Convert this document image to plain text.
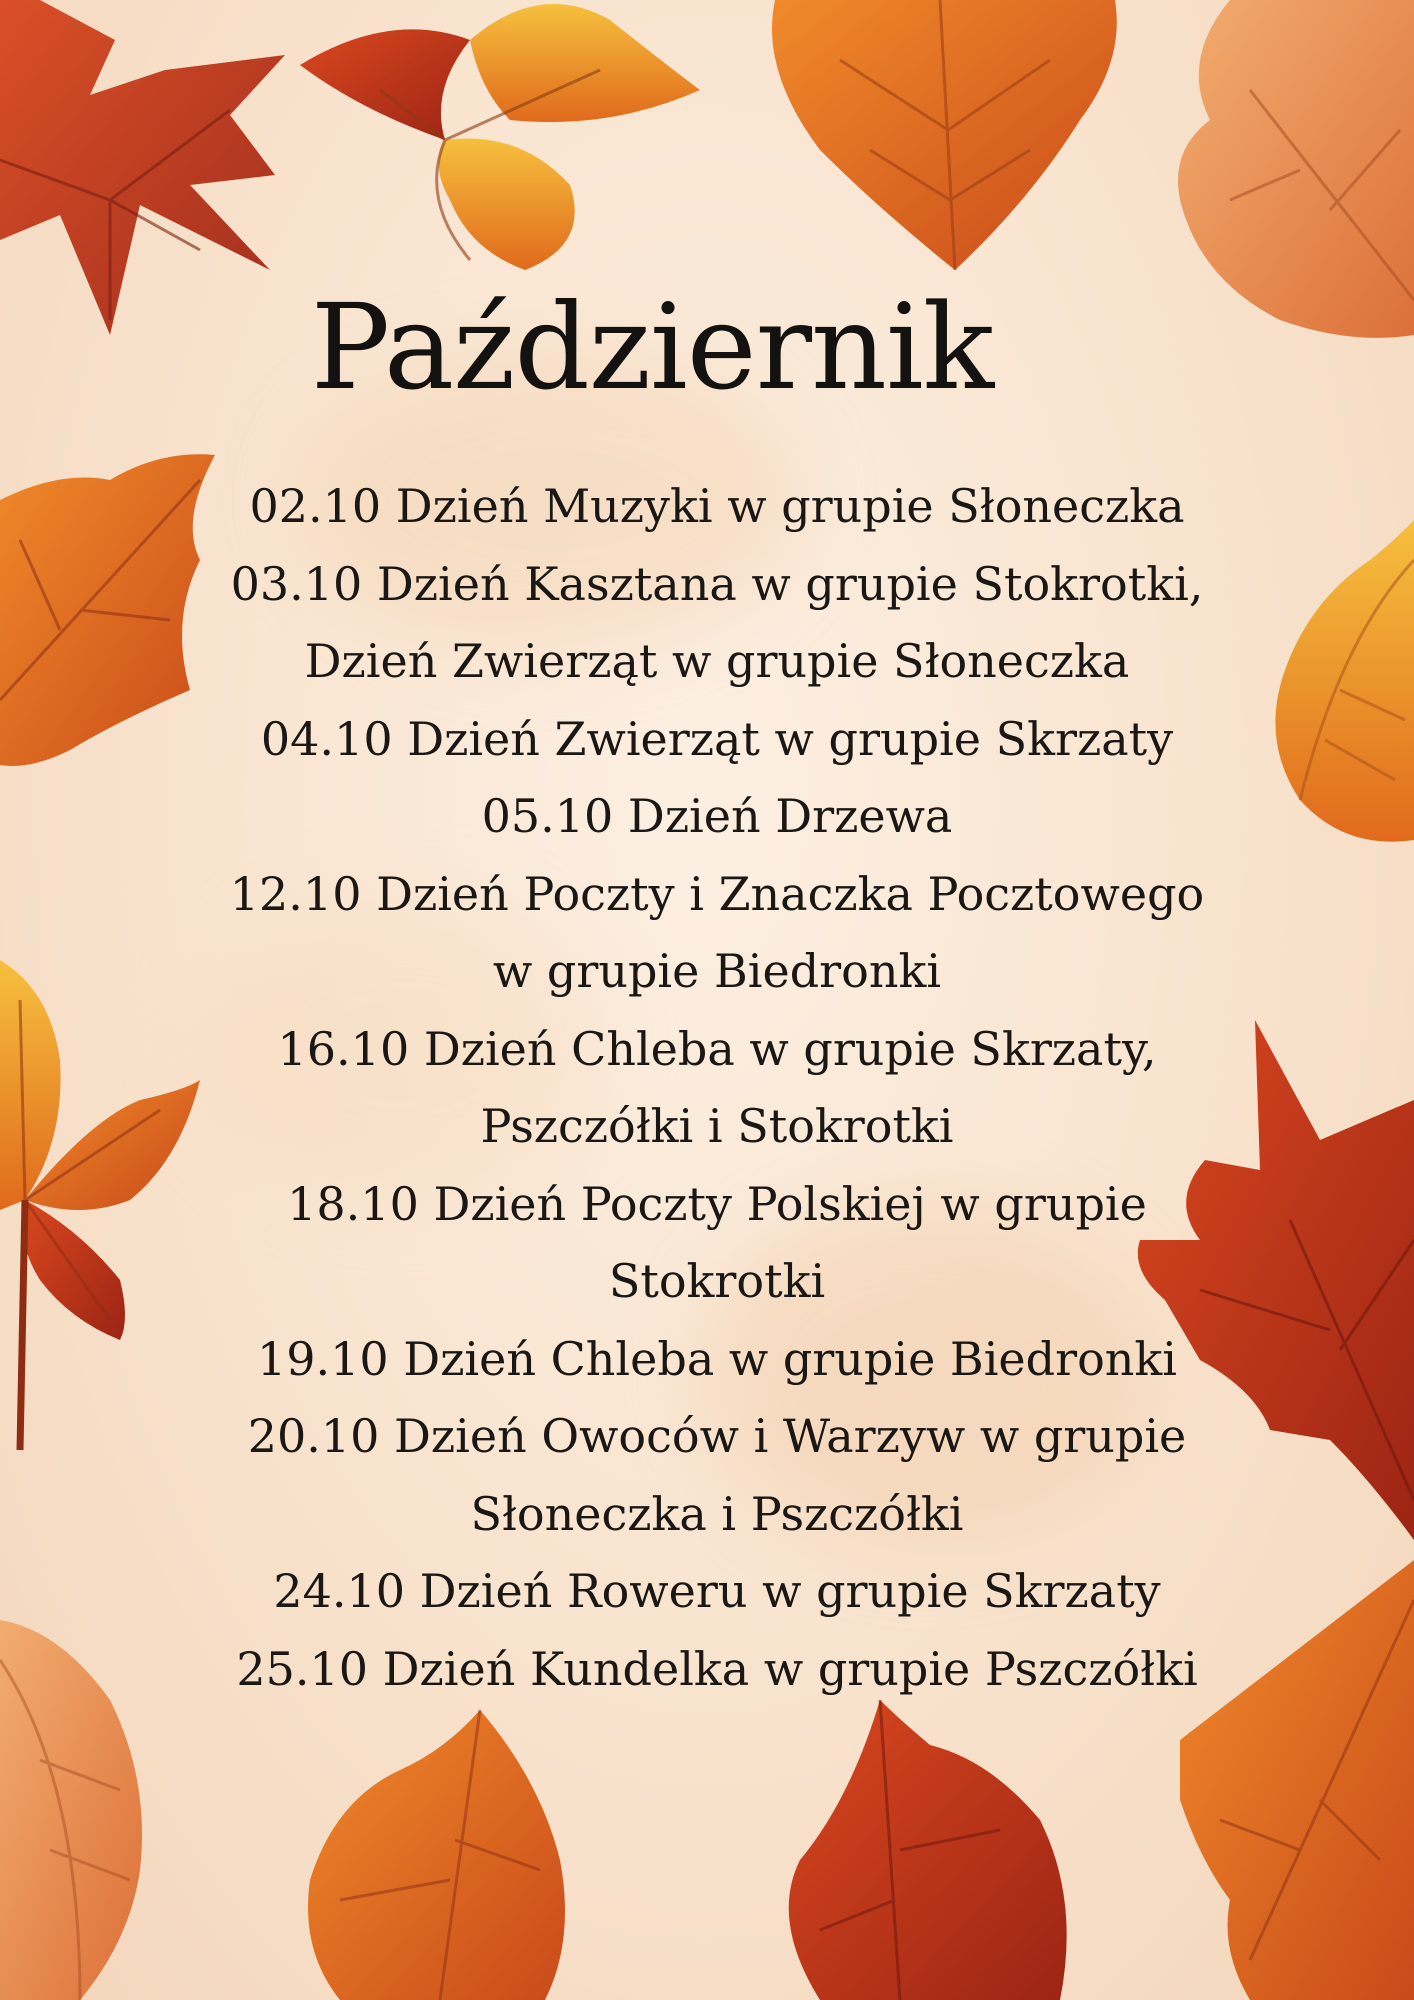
Październik
02.10 Dzień Muzyki w grupie Słoneczka
03.10 Dzień Kasztana w grupie Stokrotki,
Dzień Zwierząt w grupie Słoneczka
04.10 Dzień Zwierząt w grupie Skrzaty
05.10 Dzień Drzewa
12.10 Dzień Poczty i Znaczka Pocztowego
w grupie Biedronki
16.10 Dzień Chleba w grupie Skrzaty,
Pszczółki i Stokrotki
18.10 Dzień Poczty Polskiej w grupie
Stokrotki
19.10 Dzień Chleba w grupie Biedronki
20.10 Dzień Owoców i Warzyw w grupie
Słoneczka i Pszczółki
24.10 Dzień Roweru w grupie Skrzaty
25.10 Dzień Kundelka w grupie Pszczółki
